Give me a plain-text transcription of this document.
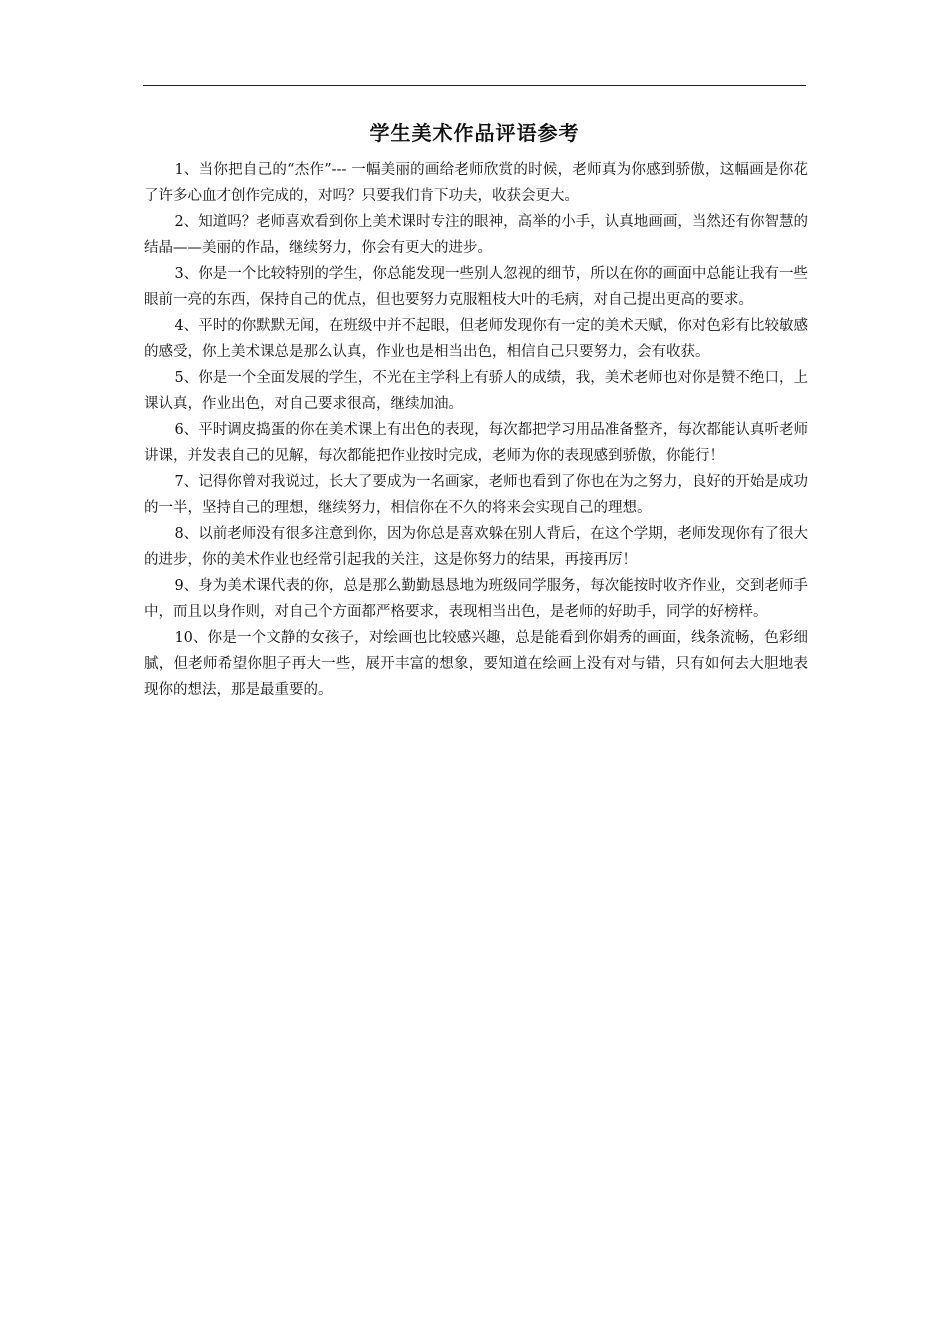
学生美术作品评语参考

1、当你把自己的“杰作”--- 一幅美丽的画给老师欣赏的时候，老师真为你感到骄傲，这幅画是你花了许多心血才创作完成的，对吗？只要我们肯下功夫，收获会更大。

2、知道吗？老师喜欢看到你上美术课时专注的眼神，高举的小手，认真地画画，当然还有你智慧的结晶——美丽的作品，继续努力，你会有更大的进步。

3、你是一个比较特别的学生，你总能发现一些别人忽视的细节，所以在你的画面中总能让我有一些眼前一亮的东西，保持自己的优点，但也要努力克服粗枝大叶的毛病，对自己提出更高的要求。

4、平时的你默默无闻，在班级中并不起眼，但老师发现你有一定的美术天赋，你对色彩有比较敏感的感受，你上美术课总是那么认真，作业也是相当出色，相信自己只要努力，会有收获。

5、你是一个全面发展的学生，不光在主学科上有骄人的成绩，我，美术老师也对你是赞不绝口，上课认真，作业出色，对自己要求很高，继续加油。

6、平时调皮捣蛋的你在美术课上有出色的表现，每次都把学习用品准备整齐，每次都能认真听老师讲课，并发表自己的见解，每次都能把作业按时完成，老师为你的表现感到骄傲，你能行！

7、记得你曾对我说过，长大了要成为一名画家，老师也看到了你也在为之努力，良好的开始是成功的一半，坚持自己的理想，继续努力，相信你在不久的将来会实现自己的理想。

8、以前老师没有很多注意到你，因为你总是喜欢躲在别人背后，在这个学期，老师发现你有了很大的进步，你的美术作业也经常引起我的关注，这是你努力的结果，再接再厉！

9、身为美术课代表的你，总是那么勤勤恳恳地为班级同学服务，每次能按时收齐作业，交到老师手中，而且以身作则，对自己个方面都严格要求，表现相当出色，是老师的好助手，同学的好榜样。

10、你是一个文静的女孩子，对绘画也比较感兴趣，总是能看到你娟秀的画面，线条流畅，色彩细腻，但老师希望你胆子再大一些，展开丰富的想象，要知道在绘画上没有对与错，只有如何去大胆地表现你的想法，那是最重要的。
